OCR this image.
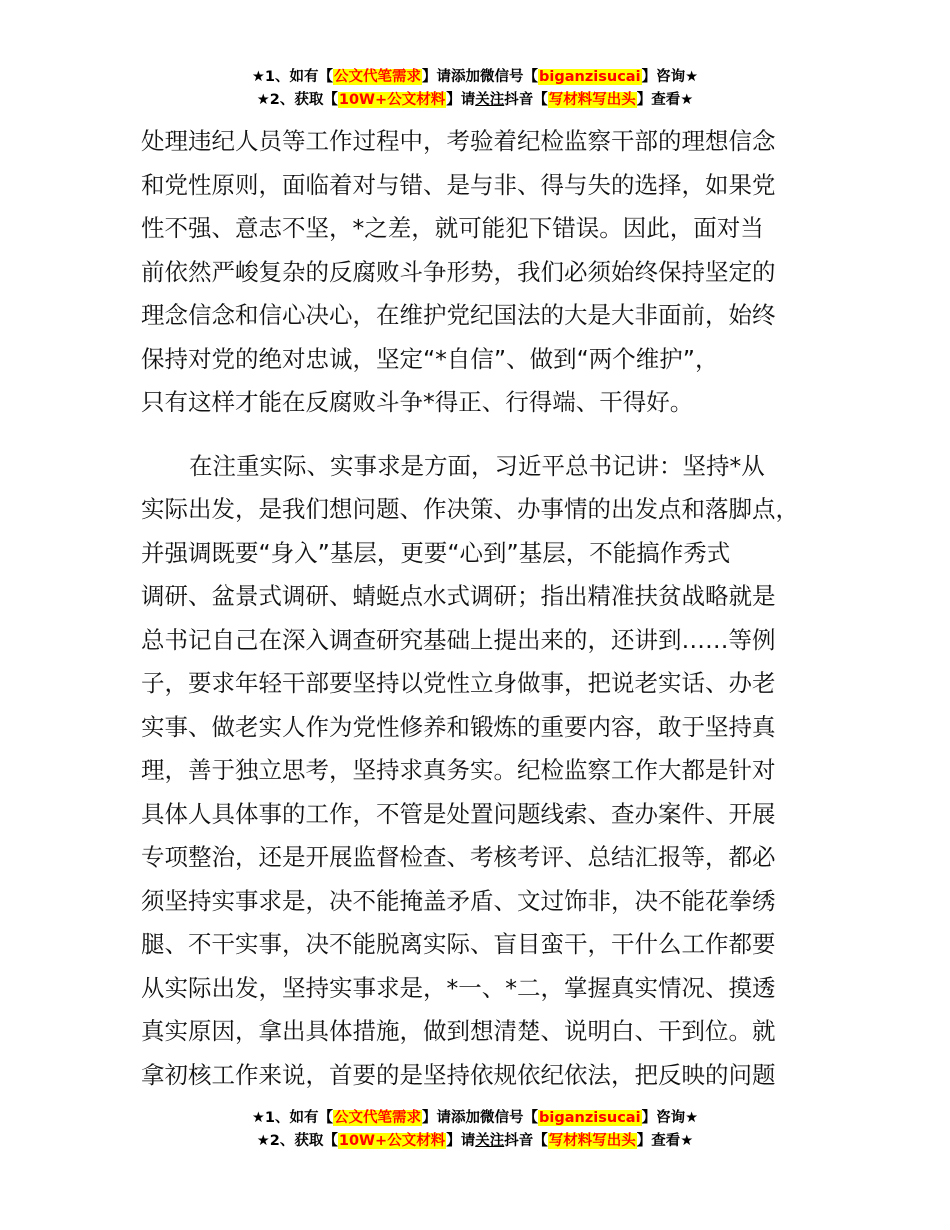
★1、如有【公文代笔需求】请添加微信号【biganzisucai】咨询★
★2、获取【10W+公文材料】请关注抖音【写材料写出头】查看★
处理违纪人员等工作过程中，考验着纪检监察干部的理想信念
和党性原则，面临着对与错、是与非、得与失的选择，如果党
性不强、意志不坚，*之差，就可能犯下错误。因此，面对当
前依然严峻复杂的反腐败斗争形势，我们必须始终保持坚定的
理念信念和信心决心，在维护党纪国法的大是大非面前，始终
保持对党的绝对忠诚，坚定“*自信”、做到“两个维护”，
只有这样才能在反腐败斗争*得正、行得端、干得好。
在注重实际、实事求是方面，习近平总书记讲：坚持*从
实际出发，是我们想问题、作决策、办事情的出发点和落脚点，
并强调既要“身入”基层，更要“心到”基层，不能搞作秀式
调研、盆景式调研、蜻蜓点水式调研；指出精准扶贫战略就是
总书记自己在深入调查研究基础上提出来的，还讲到……等例
子，要求年轻干部要坚持以党性立身做事，把说老实话、办老
实事、做老实人作为党性修养和锻炼的重要内容，敢于坚持真
理，善于独立思考，坚持求真务实。纪检监察工作大都是针对
具体人具体事的工作，不管是处置问题线索、查办案件、开展
专项整治，还是开展监督检查、考核考评、总结汇报等，都必
须坚持实事求是，决不能掩盖矛盾、文过饰非，决不能花拳绣
腿、不干实事，决不能脱离实际、盲目蛮干，干什么工作都要
从实际出发，坚持实事求是，*一、*二，掌握真实情况、摸透
真实原因，拿出具体措施，做到想清楚、说明白、干到位。就
拿初核工作来说，首要的是坚持依规依纪依法，把反映的问题
★1、如有【公文代笔需求】请添加微信号【biganzisucai】咨询★
★2、获取【10W+公文材料】请关注抖音【写材料写出头】查看★
